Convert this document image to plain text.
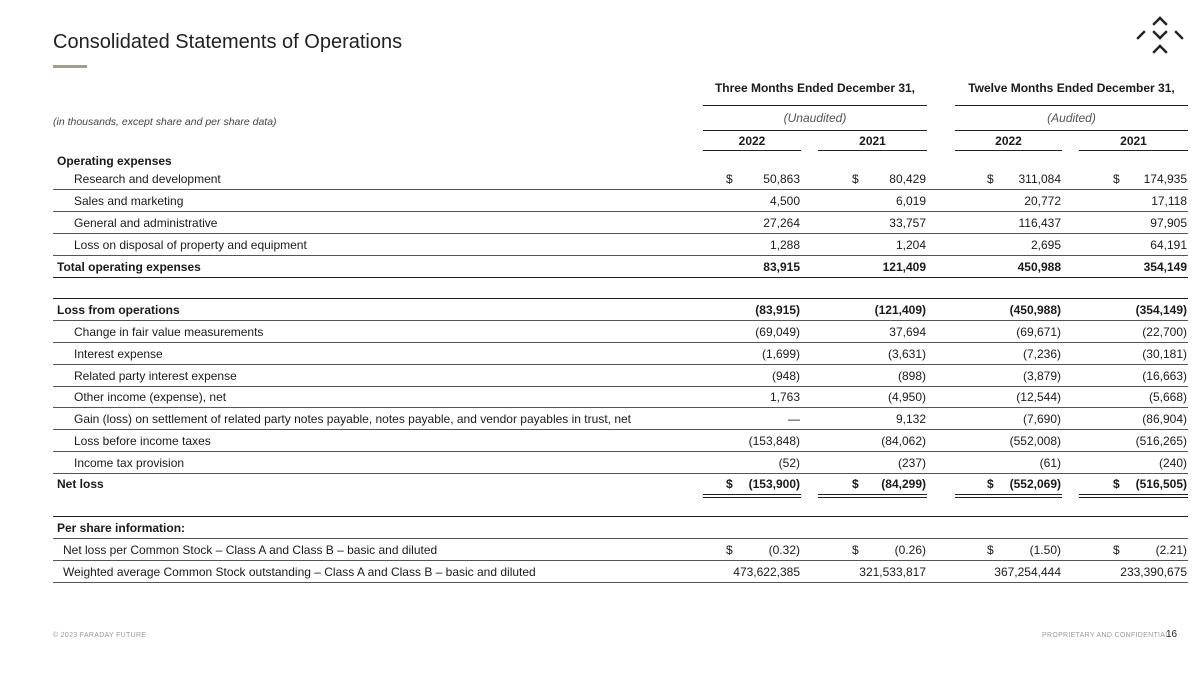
Consolidated Statements of Operations
Three Months Ended December 31,	Twelve Months Ended December 31,
(in thousands, except share and per share data)	(Unaudited)	(Audited)
2022	2021	2022	2021
Operating expenses
Research and development	$	50,863	$	80,429	$ 311,084	$ 174,935
Sales and marketing	4,500	6,019	20,772	17,118
General and administrative	27,264	33,757	116,437	97,905
Loss on disposal of property and equipment	1,288	1,204	2,695	64,191
Total operating expenses	83,915	121,409	450,988	354,149
Loss from operations	(83,915)	(121,409)	(450,988)	(354,149)
Change in fair value measurements	(69,049)	37,694	(69,671)	(22,700)
Interest expense	(1,699)	(3,631)	(7,236)	(30,181)
Related party interest expense	(948)	(898)	(3,879)	(16,663)
Other income (expense), net	1,763	(4,950)	(12,544)	(5,668)
Gain (loss) on settlement of related party notes payable, notes payable, and vendor payables in trust, net	—	9,132	(7,690)	(86,904)
Loss before income taxes	(153,848)	(84,062)	(552,008)	(516,265)
Income tax provision	(52)	(237)	(61)	(240)
Net loss	$ (153,900)	$ (84,299)	$ (552,069)	$ (516,505)
Per share information:
Net loss per Common Stock – Class A and Class B – basic and diluted	$	(0.32)	$	(0.26)	$	(1.50)	$	(2.21)
Weighted average Common Stock outstanding – Class A and Class B – basic and diluted	473,622,385	321,533,817	367,254,444	233,390,675
© 2023 FARADAY FUTURE	PROPRIETARY AND CONFIDENTIAL
16
